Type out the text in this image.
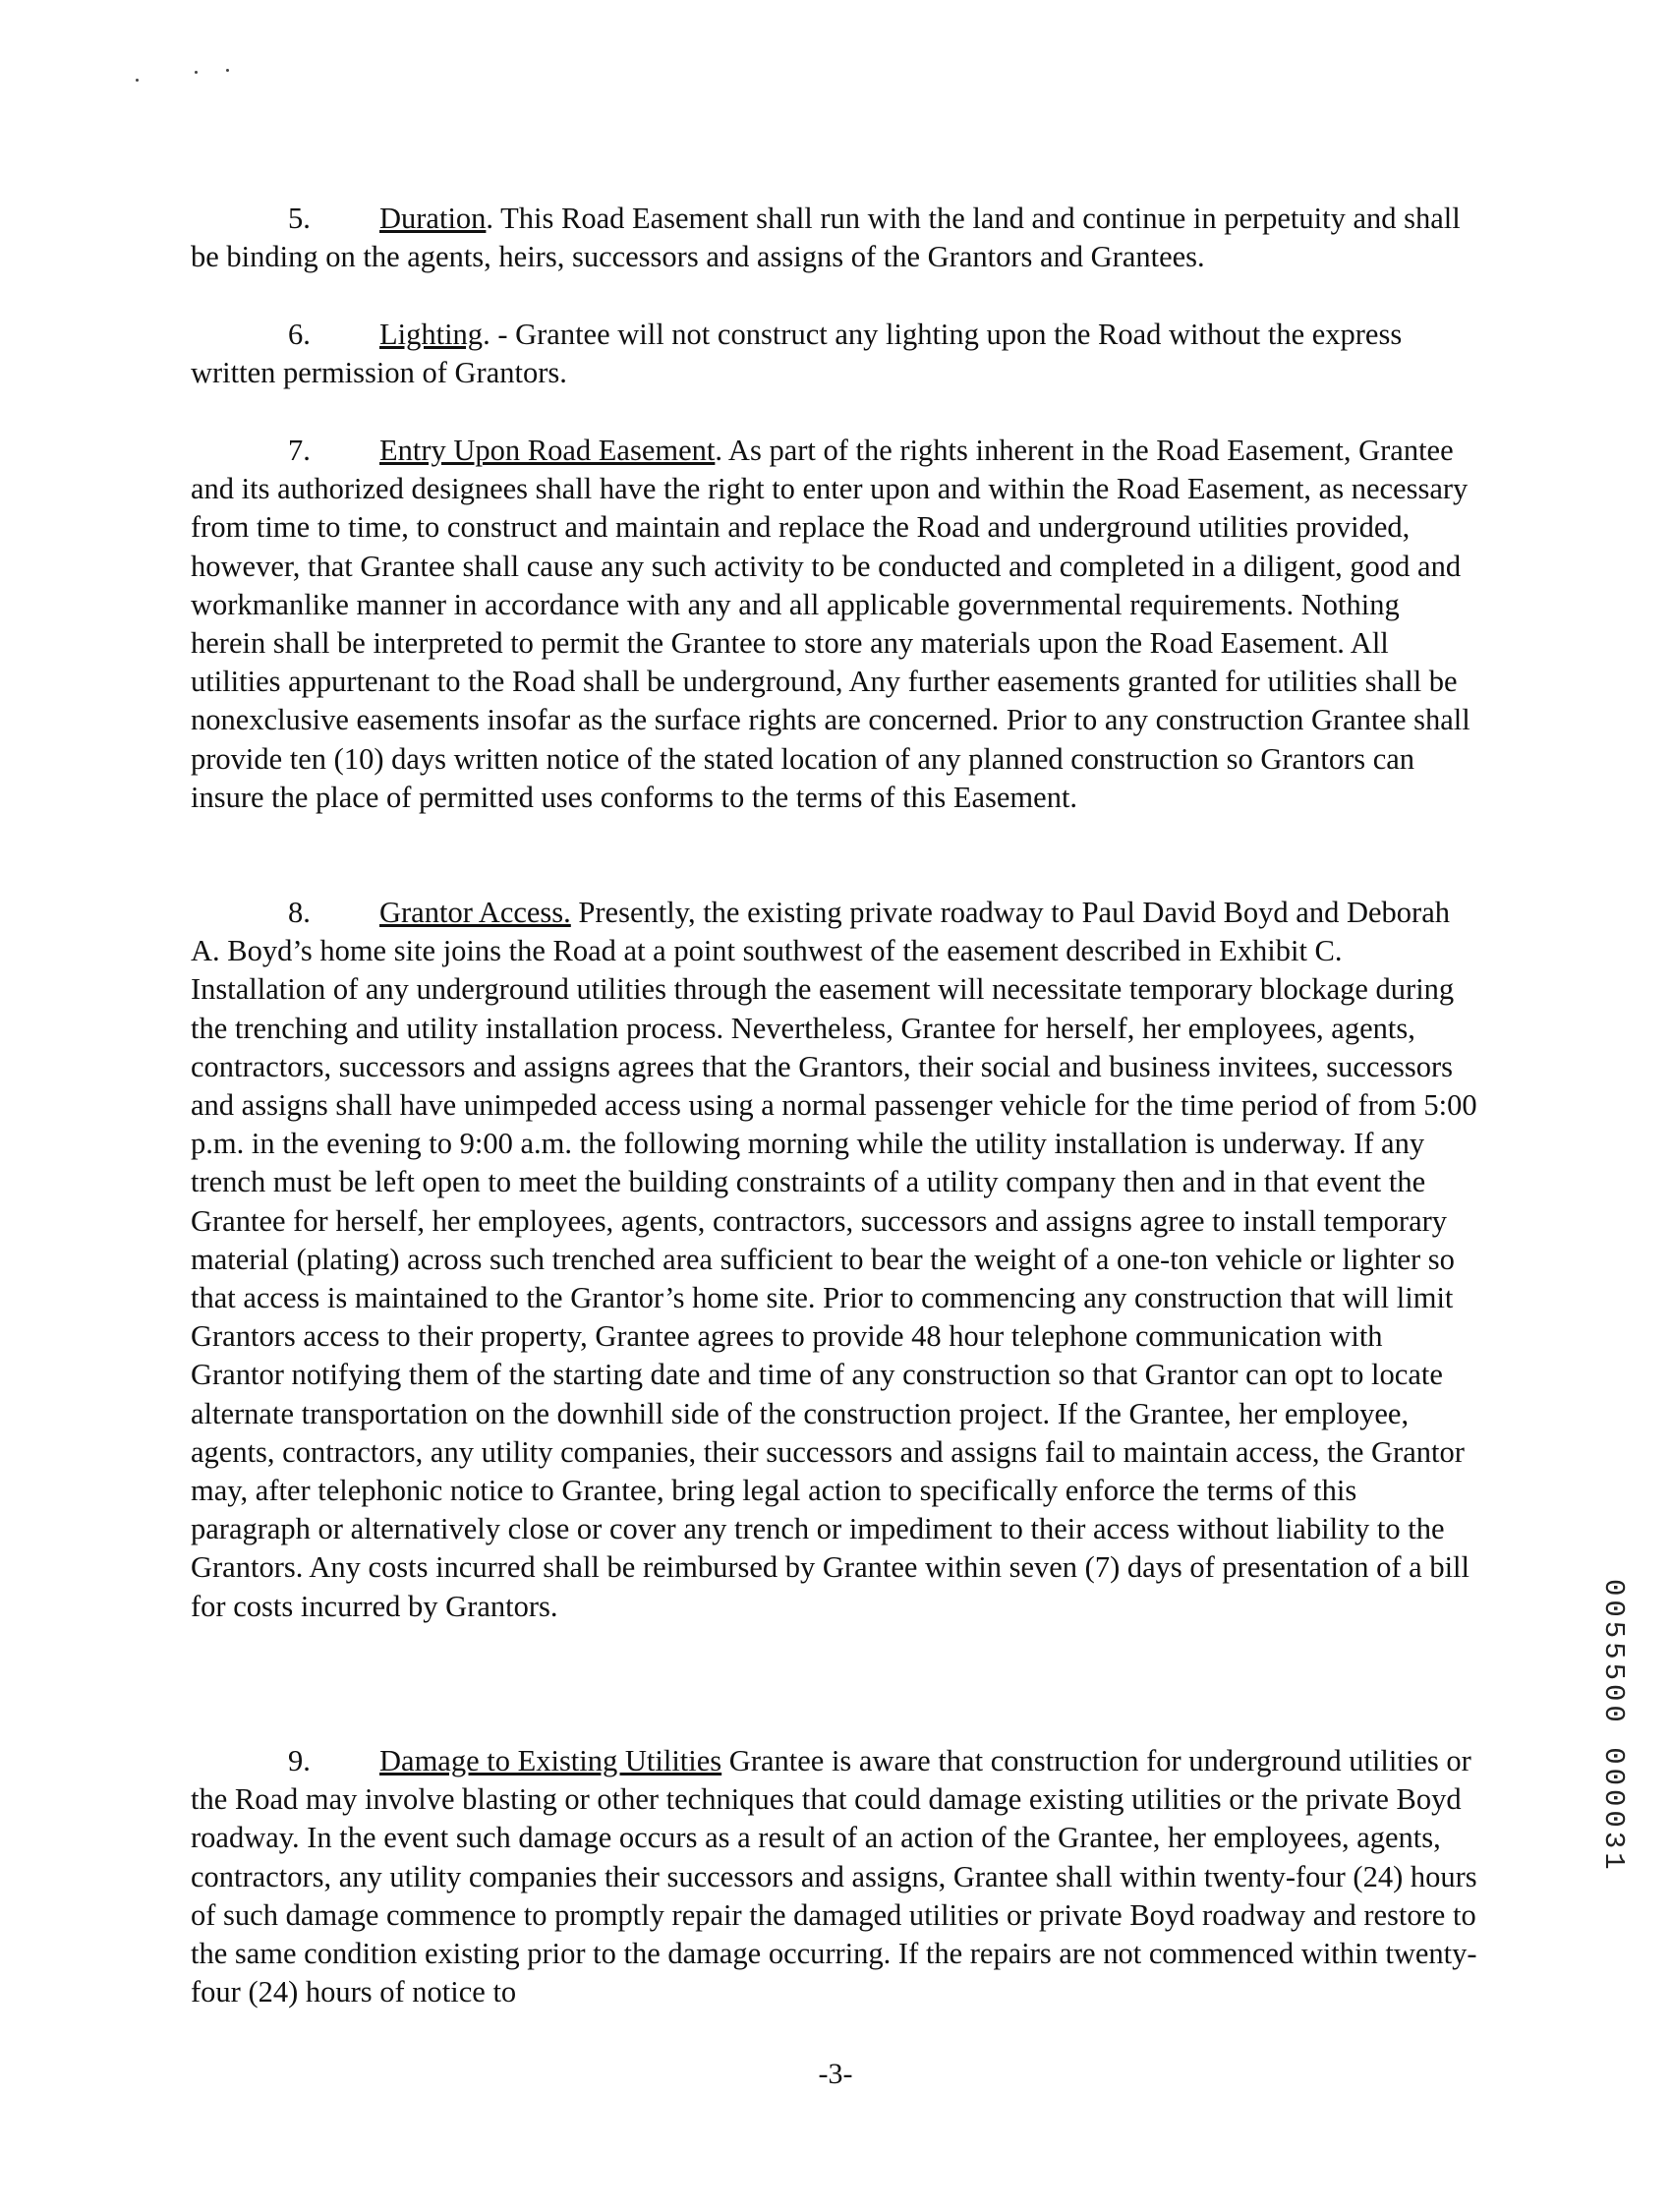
5. Duration. This Road Easement shall run with the land and continue in perpetuity and shall be binding on the agents, heirs, successors and assigns of the Grantors and Grantees.

6. Lighting. - Grantee will not construct any lighting upon the Road without the express written permission of Grantors.

7. Entry Upon Road Easement. As part of the rights inherent in the Road Easement, Grantee and its authorized designees shall have the right to enter upon and within the Road Easement, as necessary from time to time, to construct and maintain and replace the Road and underground utilities provided, however, that Grantee shall cause any such activity to be conducted and completed in a diligent, good and workmanlike manner in accordance with any and all applicable governmental requirements. Nothing herein shall be interpreted to permit the Grantee to store any materials upon the Road Easement. All utilities appurtenant to the Road shall be underground, Any further easements granted for utilities shall be nonexclusive easements insofar as the surface rights are concerned. Prior to any construction Grantee shall provide ten (10) days written notice of the stated location of any planned construction so Grantors can insure the place of permitted uses conforms to the terms of this Easement.

8. Grantor Access. Presently, the existing private roadway to Paul David Boyd and Deborah A. Boyd’s home site joins the Road at a point southwest of the easement described in Exhibit C. Installation of any underground utilities through the easement will necessitate temporary blockage during the trenching and utility installation process. Nevertheless, Grantee for herself, her employees, agents, contractors, successors and assigns agrees that the Grantors, their social and business invitees, successors and assigns shall have unimpeded access using a normal passenger vehicle for the time period of from 5:00 p.m. in the evening to 9:00 a.m. the following morning while the utility installation is underway. If any trench must be left open to meet the building constraints of a utility company then and in that event the Grantee for herself, her employees, agents, contractors, successors and assigns agree to install temporary material (plating) across such trenched area sufficient to bear the weight of a one-ton vehicle or lighter so that access is maintained to the Grantor’s home site. Prior to commencing any construction that will limit Grantors access to their property, Grantee agrees to provide 48 hour telephone communication with Grantor notifying them of the starting date and time of any construction so that Grantor can opt to locate alternate transportation on the downhill side of the construction project. If the Grantee, her employee, agents, contractors, any utility companies, their successors and assigns fail to maintain access, the Grantor may, after telephonic notice to Grantee, bring legal action to specifically enforce the terms of this paragraph or alternatively close or cover any trench or impediment to their access without liability to the Grantors. Any costs incurred shall be reimbursed by Grantee within seven (7) days of presentation of a bill for costs incurred by Grantors.

9. Damage to Existing Utilities Grantee is aware that construction for underground utilities or the Road may involve blasting or other techniques that could damage existing utilities or the private Boyd roadway. In the event such damage occurs as a result of an action of the Grantee, her employees, agents, contractors, any utility companies their successors and assigns, Grantee shall within twenty-four (24) hours of such damage commence to promptly repair the damaged utilities or private Boyd roadway and restore to the same condition existing prior to the damage occurring. If the repairs are not commenced within twenty-four (24) hours of notice to

-3-
0055500 000031
